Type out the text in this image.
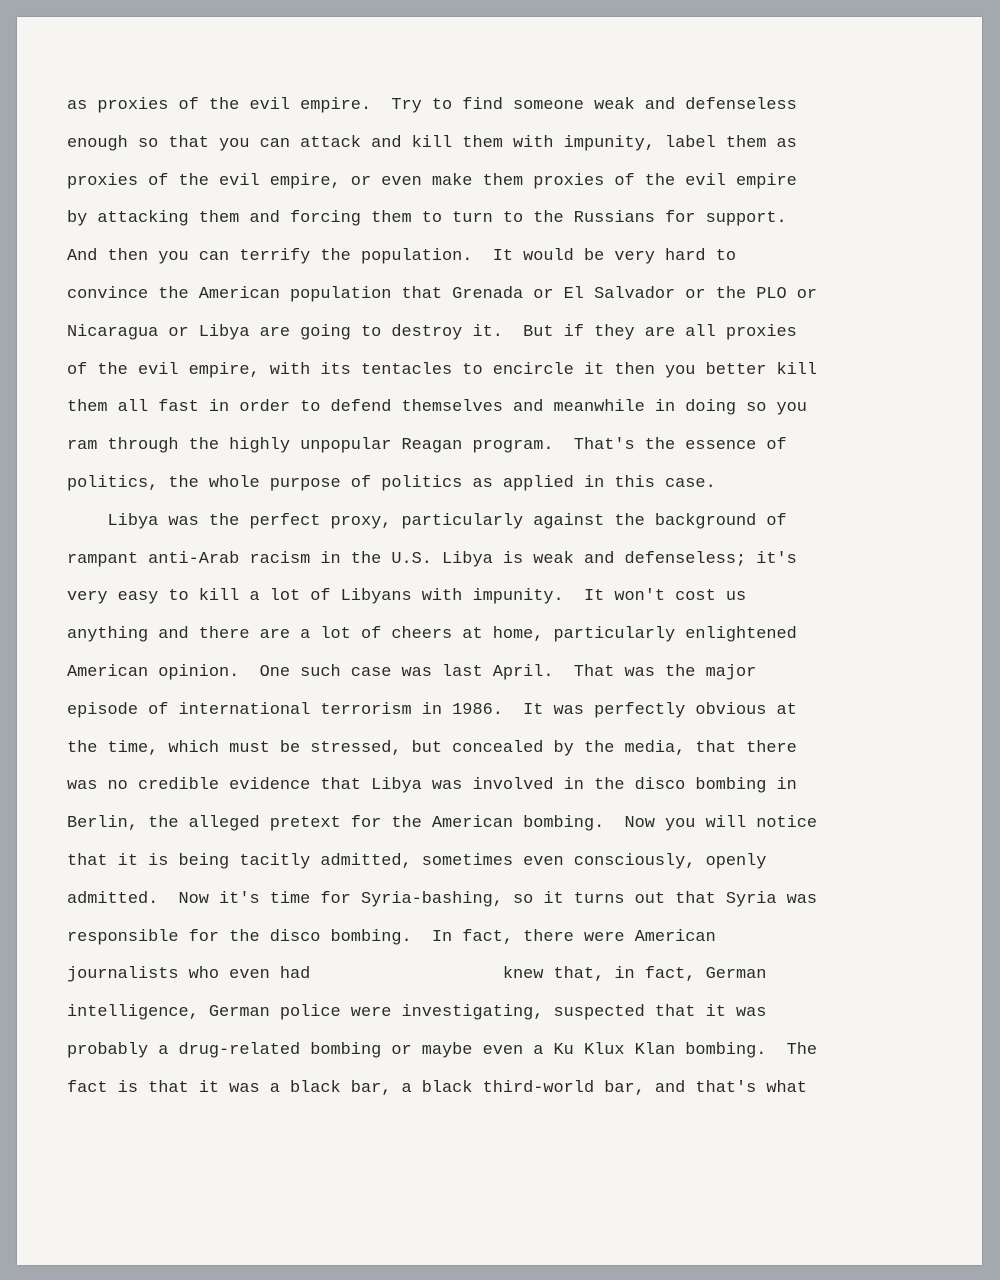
as proxies of the evil empire.  Try to find someone weak and defenseless
enough so that you can attack and kill them with impunity, label them as
proxies of the evil empire, or even make them proxies of the evil empire
by attacking them and forcing them to turn to the Russians for support.
And then you can terrify the population.  It would be very hard to
convince the American population that Grenada or El Salvador or the PLO or
Nicaragua or Libya are going to destroy it.  But if they are all proxies
of the evil empire, with its tentacles to encircle it then you better kill
them all fast in order to defend themselves and meanwhile in doing so you
ram through the highly unpopular Reagan program.  That's the essence of
politics, the whole purpose of politics as applied in this case.
Libya was the perfect proxy, particularly against the background of
rampant anti-Arab racism in the U.S. Libya is weak and defenseless; it's
very easy to kill a lot of Libyans with impunity.  It won't cost us
anything and there are a lot of cheers at home, particularly enlightened
American opinion.  One such case was last April.  That was the major
episode of international terrorism in 1986.  It was perfectly obvious at
the time, which must be stressed, but concealed by the media, that there
was no credible evidence that Libya was involved in the disco bombing in
Berlin, the alleged pretext for the American bombing.  Now you will notice
that it is being tacitly admitted, sometimes even consciously, openly
admitted.  Now it's time for Syria-bashing, so it turns out that Syria was
responsible for the disco bombing.  In fact, there were American
journalists who even had                   knew that, in fact, German
intelligence, German police were investigating, suspected that it was
probably a drug-related bombing or maybe even a Ku Klux Klan bombing.  The
fact is that it was a black bar, a black third-world bar, and that's what
